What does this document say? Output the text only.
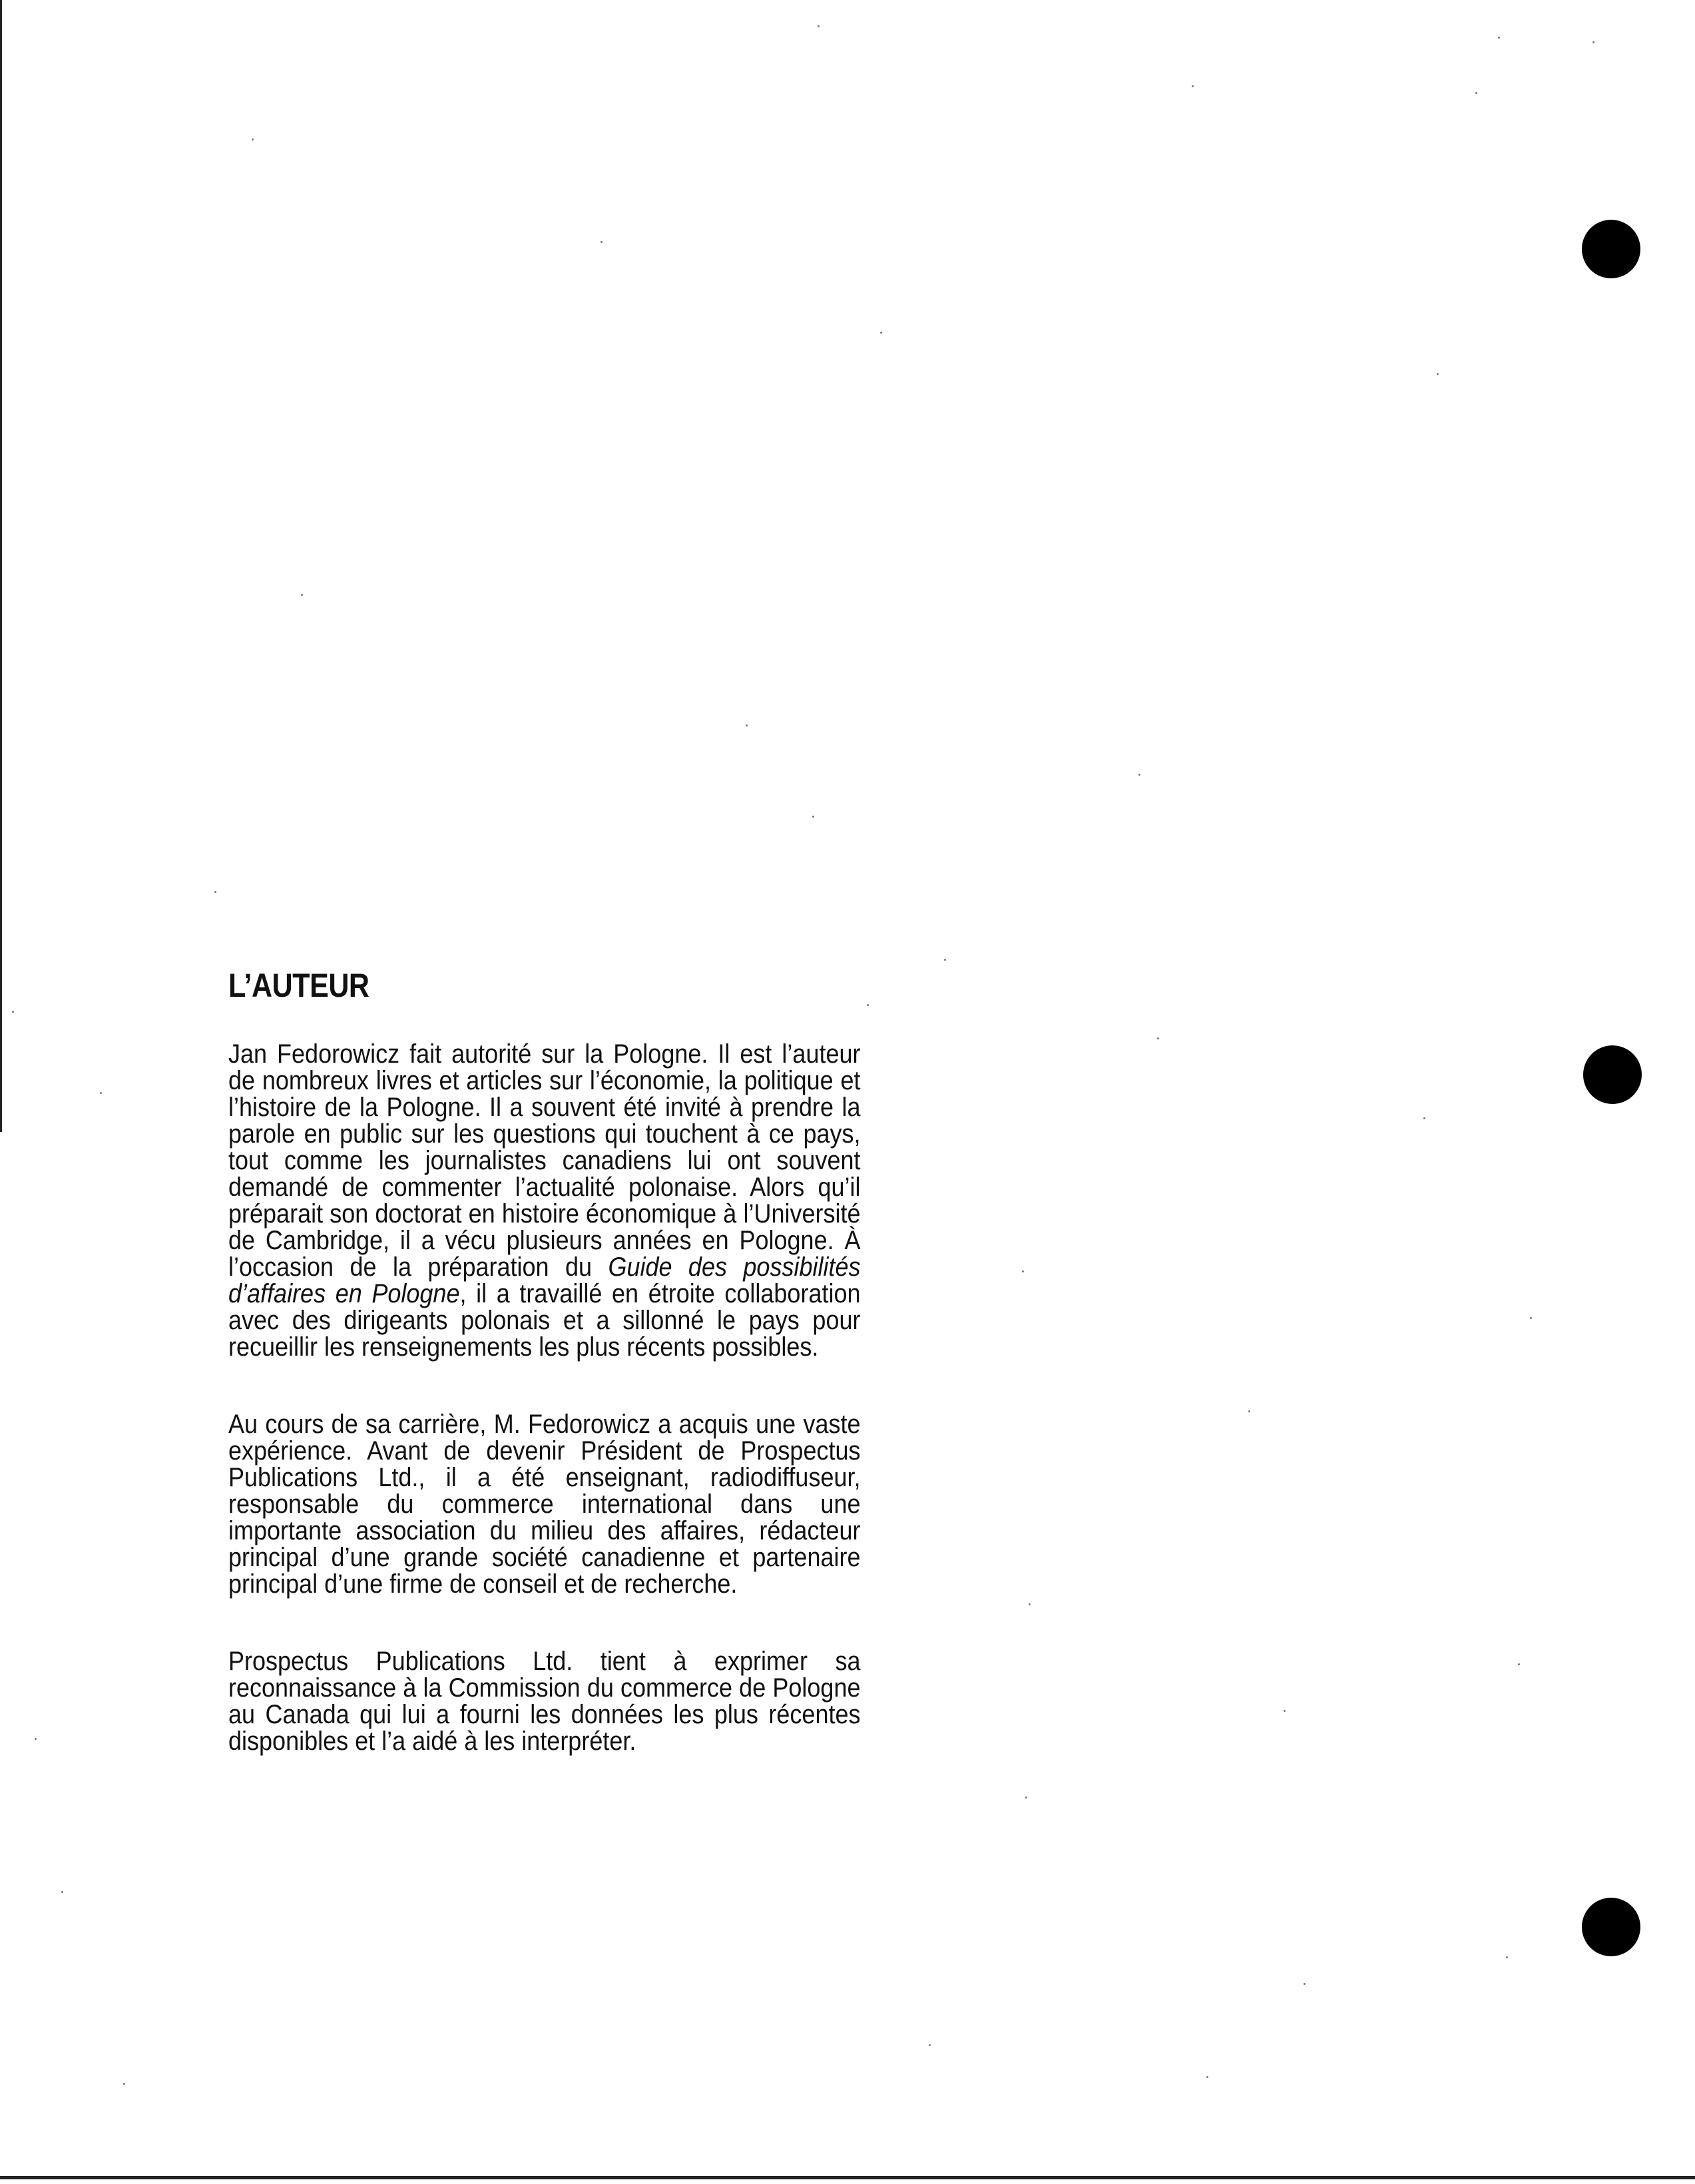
L’AUTEUR

Jan Fedorowicz fait autorité sur la Pologne. Il est l’auteur de nombreux livres et articles sur l’économie, la politique et l’histoire de la Pologne. Il a souvent été invité à prendre la parole en public sur les questions qui touchent à ce pays, tout comme les journalistes canadiens lui ont souvent demandé de commenter l’actualité polonaise. Alors qu’il préparait son doctorat en histoire économique à l’Université de Cambridge, il a vécu plusieurs années en Pologne. À l’occasion de la préparation du Guide des possibilités d’affaires en Pologne, il a travaillé en étroite collaboration avec des dirigeants polonais et a sillonné le pays pour recueillir les renseignements les plus récents possibles.

Au cours de sa carrière, M. Fedorowicz a acquis une vaste expérience. Avant de devenir Président de Prospectus Publications Ltd., il a été enseignant, radiodiffuseur, responsable du commerce international dans une importante association du milieu des affaires, rédacteur principal d’une grande société canadienne et partenaire principal d’une firme de conseil et de recherche.

Prospectus Publications Ltd. tient à exprimer sa reconnaissance à la Commission du commerce de Pologne au Canada qui lui a fourni les données les plus récentes disponibles et l’a aidé à les interpréter.
